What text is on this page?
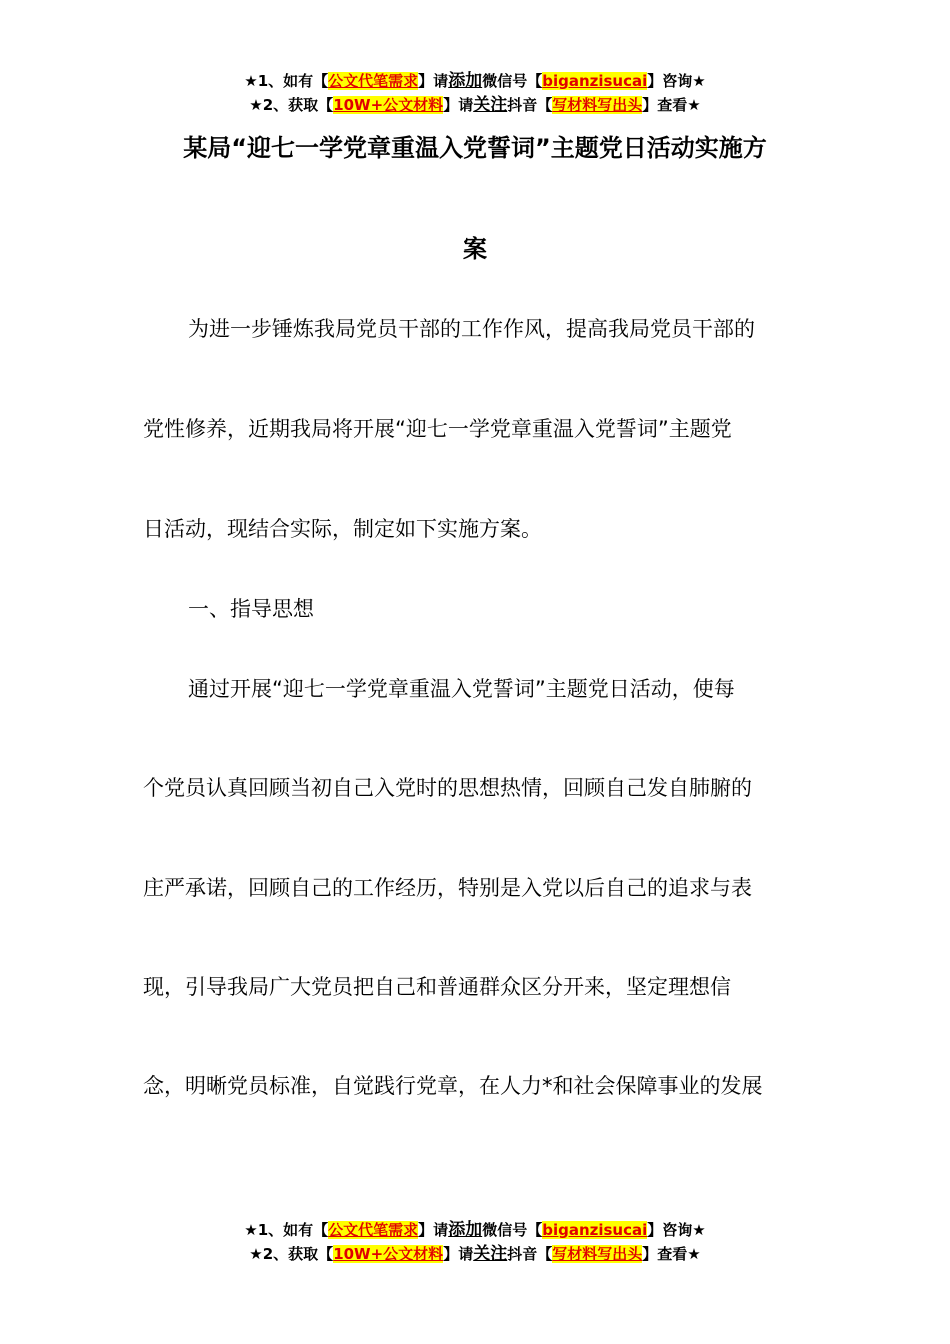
★1、如有【公文代笔需求】请添加微信号【biganzisucai】咨询★
★2、获取【10W+公文材料】请关注抖音【写材料写出头】查看★
某局“迎七一学党章重温入党誓词”主题党日活动实施方
案
为进一步锤炼我局党员干部的工作作风，提高我局党员干部的
党性修养，近期我局将开展“迎七一学党章重温入党誓词”主题党
日活动，现结合实际，制定如下实施方案。
一、指导思想
通过开展“迎七一学党章重温入党誓词”主题党日活动，使每
个党员认真回顾当初自己入党时的思想热情，回顾自己发自肺腑的
庄严承诺，回顾自己的工作经历，特别是入党以后自己的追求与表
现，引导我局广大党员把自己和普通群众区分开来，坚定理想信
念，明晰党员标准，自觉践行党章，在人力*和社会保障事业的发展
★1、如有【公文代笔需求】请添加微信号【biganzisucai】咨询★
★2、获取【10W+公文材料】请关注抖音【写材料写出头】查看★
